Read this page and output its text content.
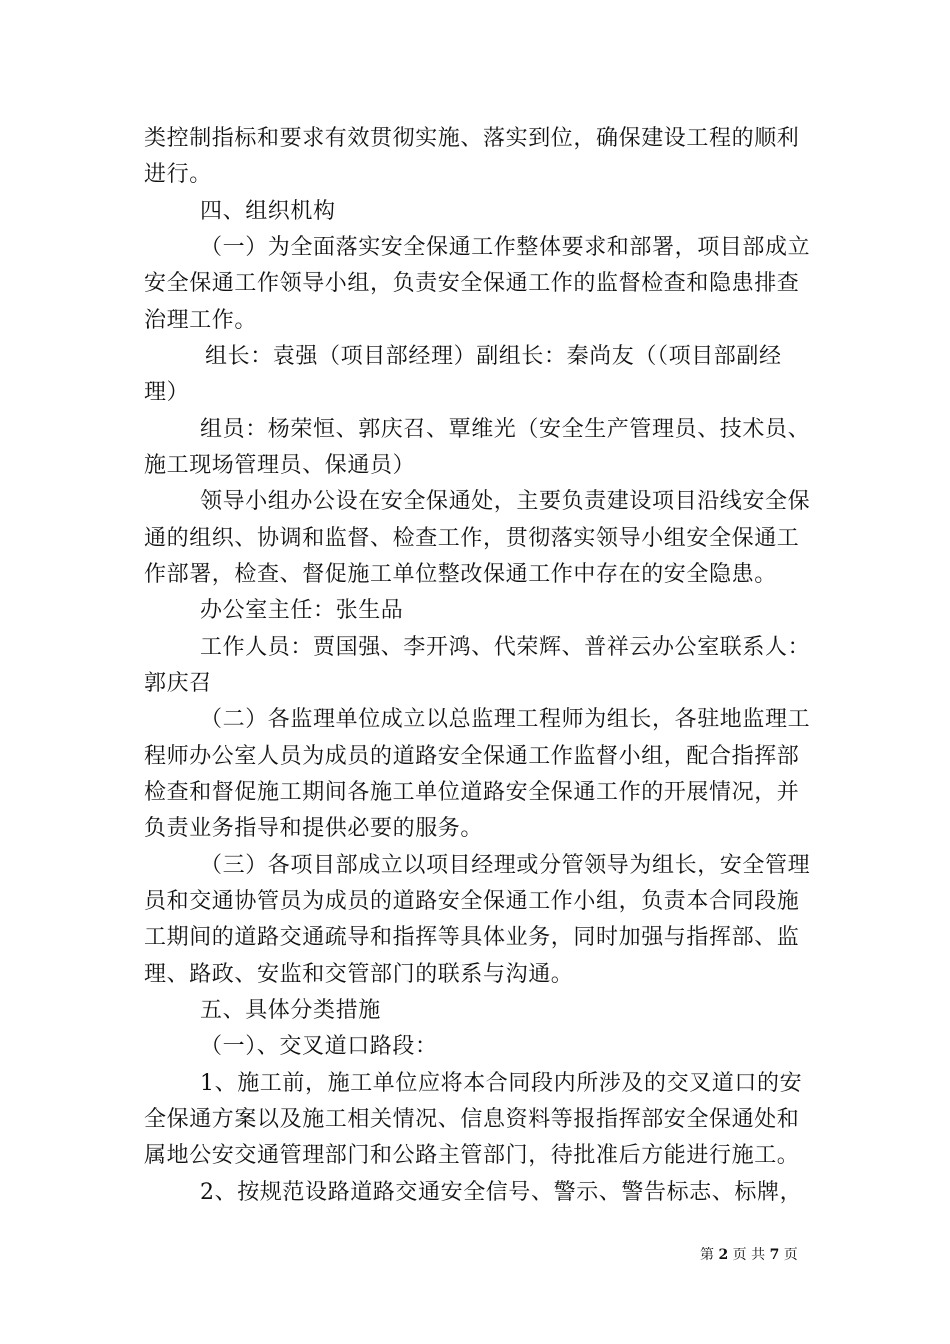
类控制指标和要求有效贯彻实施、落实到位，确保建设工程的顺利
进行。
四、组织机构
（一）为全面落实安全保通工作整体要求和部署，项目部成立
安全保通工作领导小组，负责安全保通工作的监督检查和隐患排查
治理工作。
组长：袁强（项目部经理）副组长：秦尚友（（项目部副经
理）
组员：杨荣恒、郭庆召、覃维光（安全生产管理员、技术员、
施工现场管理员、保通员）
领导小组办公设在安全保通处，主要负责建设项目沿线安全保
通的组织、协调和监督、检查工作，贯彻落实领导小组安全保通工
作部署，检查、督促施工单位整改保通工作中存在的安全隐患。
办公室主任：张生品
工作人员：贾国强、李开鸿、代荣辉、普祥云办公室联系人：
郭庆召
（二）各监理单位成立以总监理工程师为组长，各驻地监理工
程师办公室人员为成员的道路安全保通工作监督小组，配合指挥部
检查和督促施工期间各施工单位道路安全保通工作的开展情况，并
负责业务指导和提供必要的服务。
（三）各项目部成立以项目经理或分管领导为组长，安全管理
员和交通协管员为成员的道路安全保通工作小组，负责本合同段施
工期间的道路交通疏导和指挥等具体业务，同时加强与指挥部、监
理、路政、安监和交管部门的联系与沟通。
五、具体分类措施
（一）、交叉道口路段：
1、施工前，施工单位应将本合同段内所涉及的交叉道口的安
全保通方案以及施工相关情况、信息资料等报指挥部安全保通处和
属地公安交通管理部门和公路主管部门，待批准后方能进行施工。
2、按规范设路道路交通安全信号、警示、警告标志、标牌，
第 2 页 共 7 页
